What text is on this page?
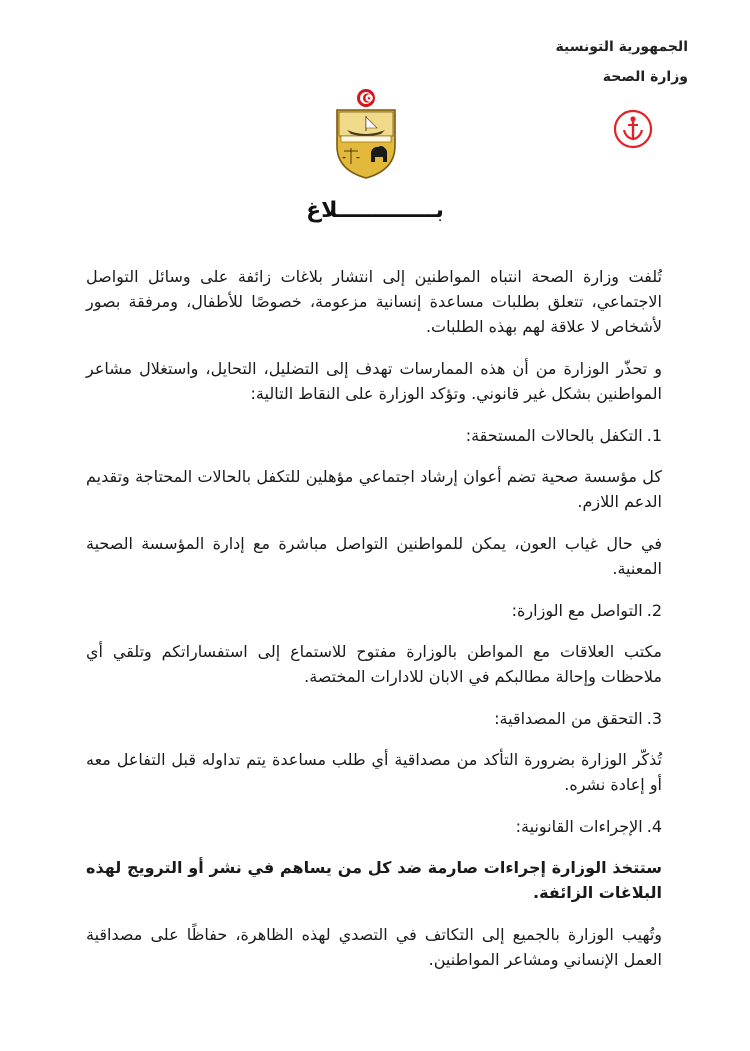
الجمهورية التونسية
وزارة الصحة
بـــــــــــــلاغ

تُلفت وزارة الصحة انتباه المواطنين إلى انتشار بلاغات زائفة على وسائل التواصل الاجتماعي، تتعلق بطلبات مساعدة إنسانية مزعومة، خصوصًا للأطفال، ومرفقة بصور لأشخاص لا علاقة لهم بهذه الطلبات.

و تحذّر الوزارة من أن هذه الممارسات تهدف إلى التضليل، التحايل، واستغلال مشاعر المواطنين بشكل غير قانوني. وتؤكد الوزارة على النقاط التالية:

1.التكفل بالحالات المستحقة:

كل مؤسسة صحية تضم أعوان إرشاد اجتماعي مؤهلين للتكفل بالحالات المحتاجة وتقديم الدعم اللازم.

في حال غياب العون، يمكن للمواطنين التواصل مباشرة مع إدارة المؤسسة الصحية المعنية.

2.التواصل مع الوزارة:

مكتب العلاقات مع المواطن بالوزارة مفتوح للاستماع إلى استفساراتكم وتلقي أي ملاحظات وإحالة مطالبكم في الابان للادارات المختصة.

3.التحقق من المصداقية:

تُذكّر الوزارة بضرورة التأكد من مصداقية أي طلب مساعدة يتم تداوله قبل التفاعل معه أو إعادة نشره.

4.الإجراءات القانونية:

ستتخذ الوزارة إجراءات صارمة ضد كل من يساهم في نشر أو الترويج لهذه البلاغات الزائفة.

وتُهيب الوزارة بالجميع إلى التكاتف في التصدي لهذه الظاهرة، حفاظًا على مصداقية العمل الإنساني ومشاعر المواطنين.
